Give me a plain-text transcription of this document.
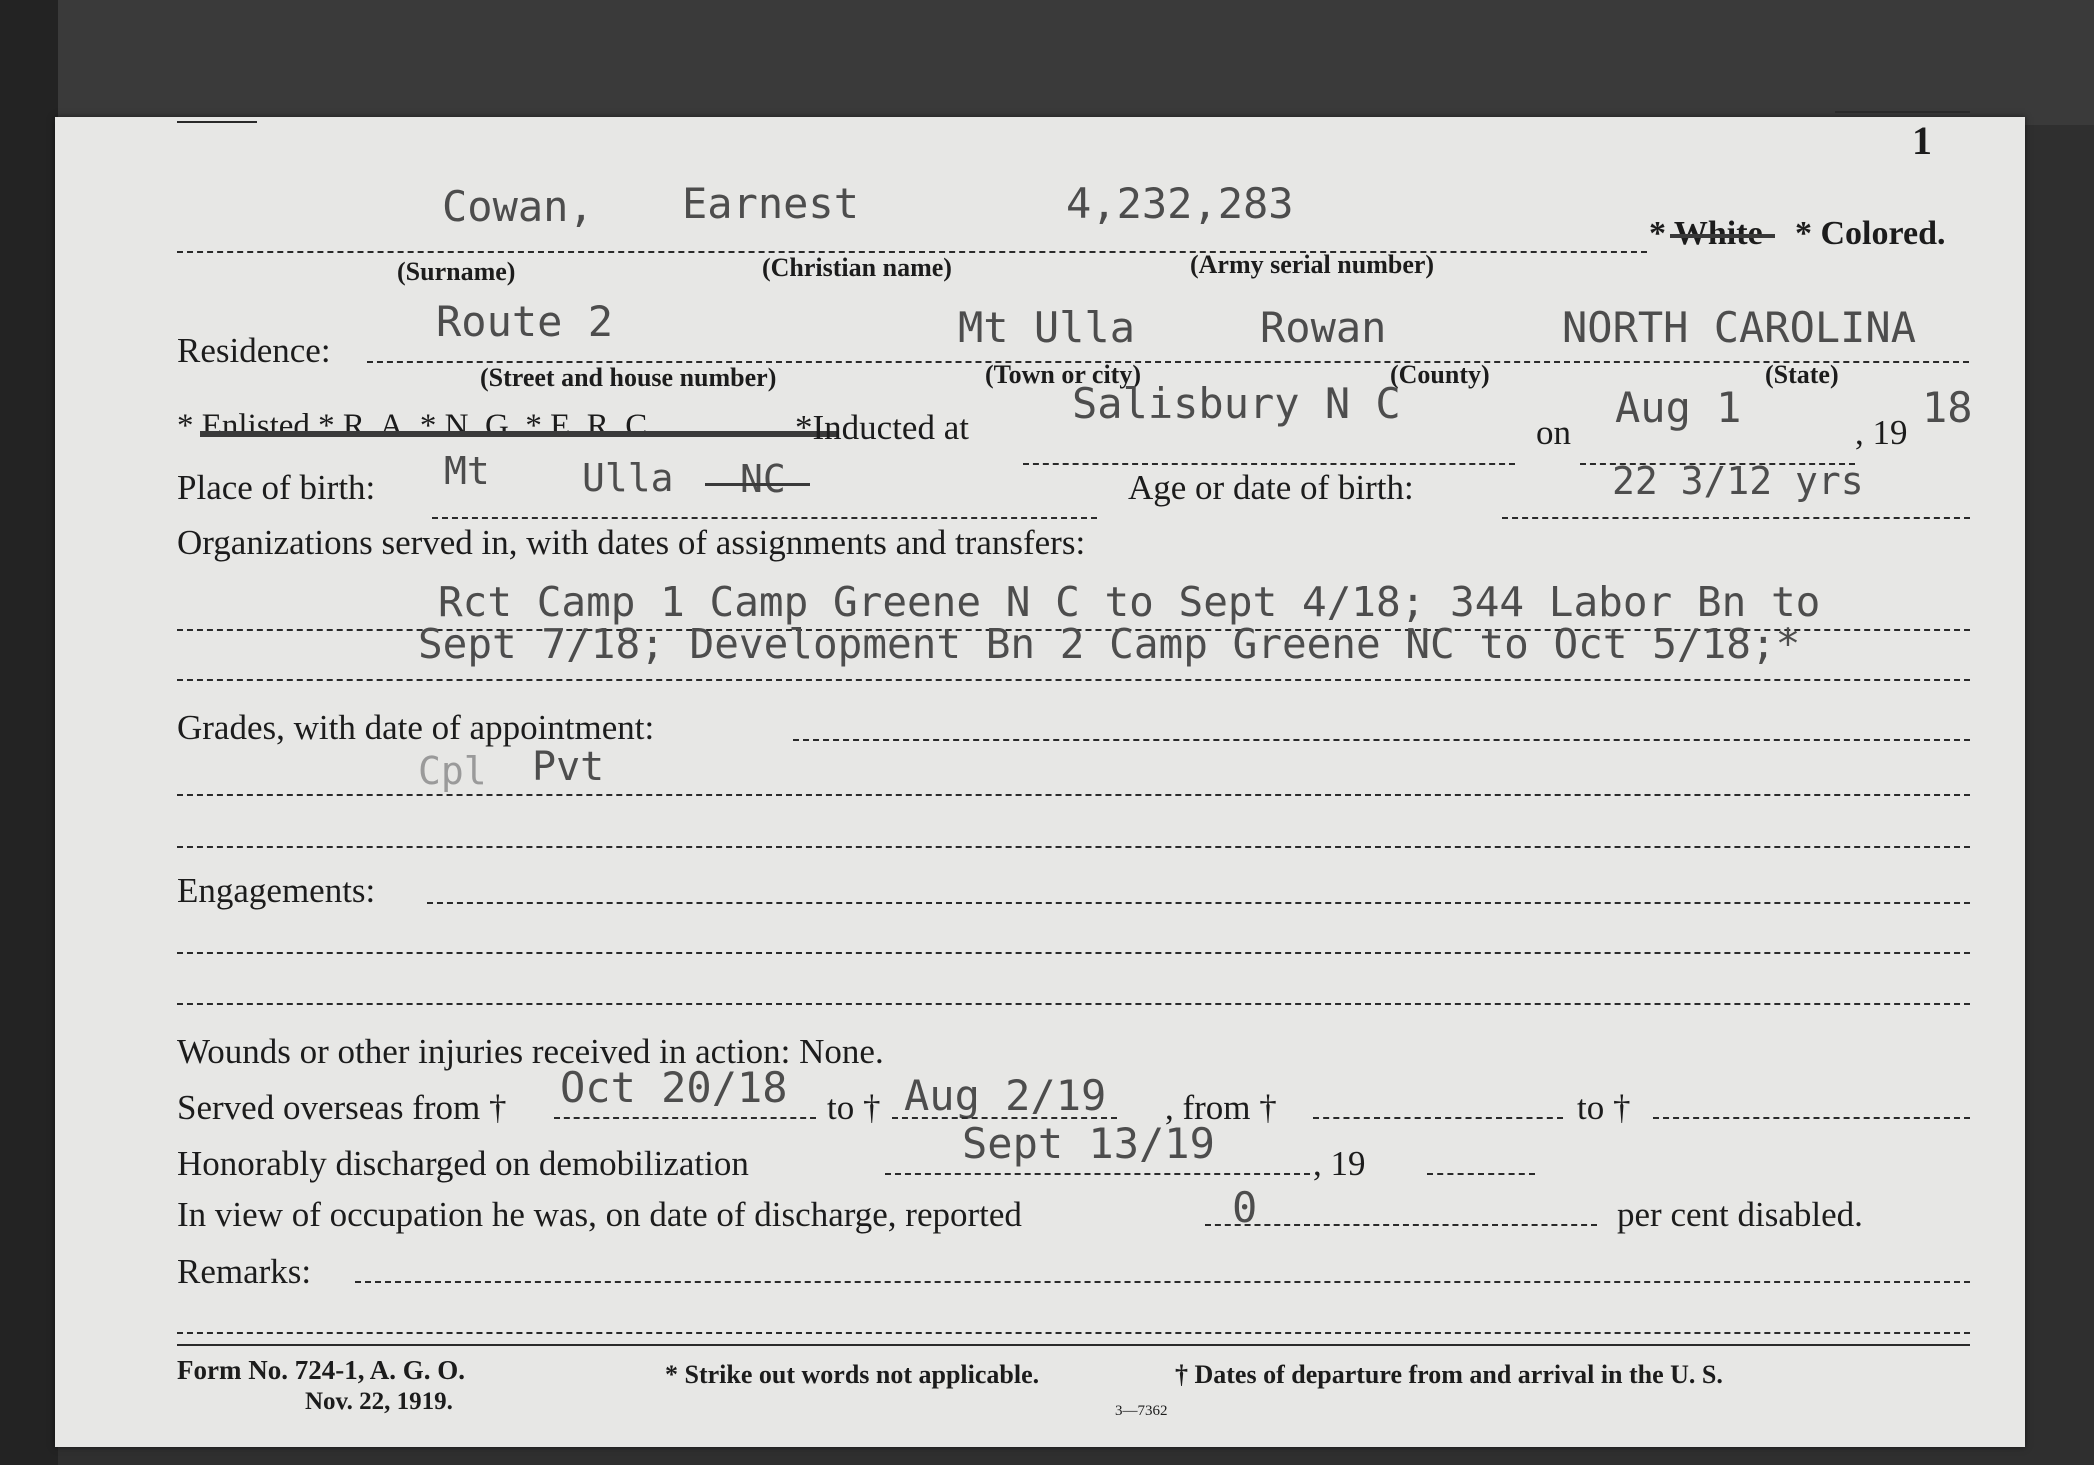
1
Cowan, Earnest	4,232,283
* White * Colored.
(Surname)	(Christian name)	(Army serial number)
Residence:
Route 2	Mt Ulla	Rowan	NORTH CAROLINA
(Street and house number)	(Town or city)	(County)	(State)
* Enlisted * R. A. * N. G. * E. R. C.	*Inducted at Salisbury N C
on
Aug 1
, 19
18
Place of birth: Mt Ulla NC	Age or date of birth:	22 3/12 yrs
Organizations served in, with dates of assignments and transfers:
Rct Camp 1 Camp Greene N C to Sept 4/18; 344 Labor Bn to
Sept 7/18; Development Bn 2 Camp Greene NC to Oct 5/18;*
Grades, with date of appointment:
Cpl Pvt
Engagements:
Wounds or other injuries received in action: None.
Served overseas from † Oct 20/18 to † Aug 2/19 , from †	to †
Honorably discharged on demobilization	Sept 13/19	, 19
In view of occupation he was, on date of discharge, reported	0	per cent disabled.
Remarks:
Form No. 724-1, A. G. O.
Nov. 22, 1919.
* Strike out words not applicable.	† Dates of departure from and arrival in the U. S.
3—7362
